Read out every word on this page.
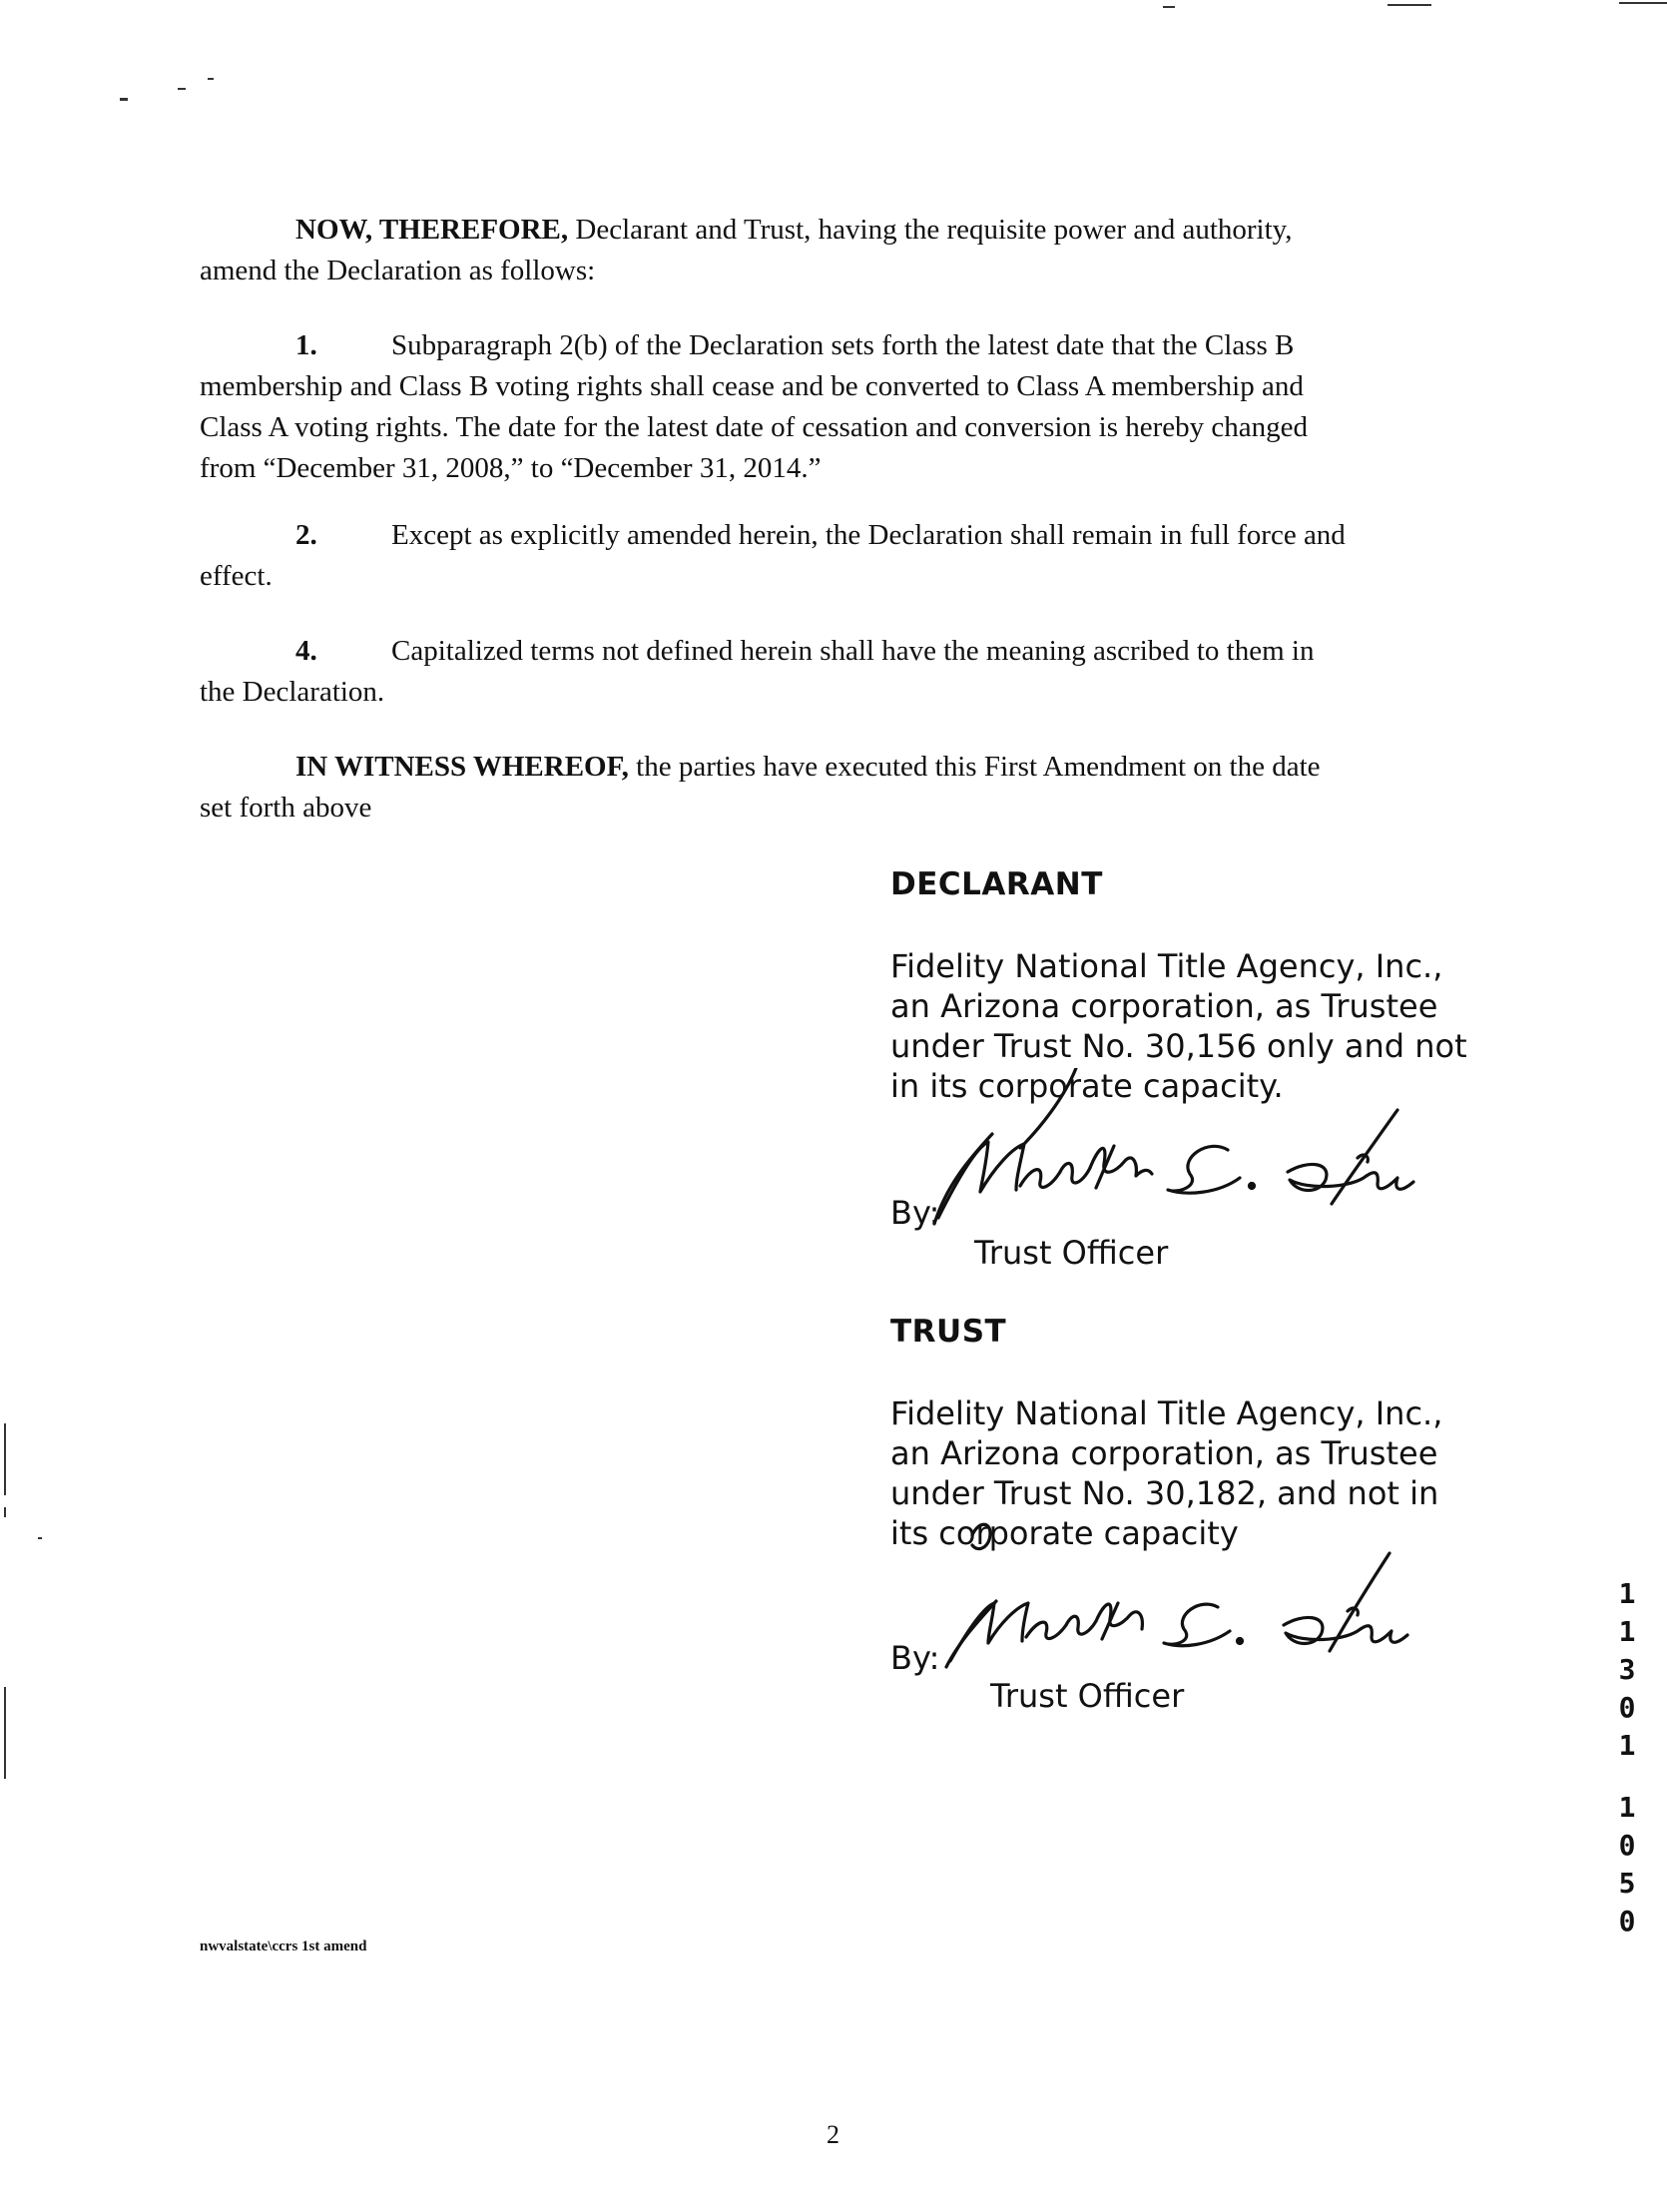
NOW, THEREFORE, Declarant and Trust, having the requisite power and authority,
amend the Declaration as follows:
1.	Subparagraph 2(b) of the Declaration sets forth the latest date that the Class B
membership and Class B voting rights shall cease and be converted to Class A membership and
Class A voting rights. The date for the latest date of cessation and conversion is hereby changed
from “December 31, 2008,” to “December 31, 2014.”
2.	Except as explicitly amended herein, the Declaration shall remain in full force and
effect.
4.	Capitalized terms not defined herein shall have the meaning ascribed to them in
the Declaration.
IN WITNESS WHEREOF, the parties have executed this First Amendment on the date
set forth above
DECLARANT
Fidelity National Title Agency, Inc.,
an Arizona corporation, as Trustee
under Trust No. 30,156 only and not
in its corporate capacity.
By:
Trust Officer
TRUST
Fidelity National Title Agency, Inc.,
an Arizona corporation, as Trustee
under Trust No. 30,182, and not in
its corporate capacity
By:
Trust Officer
1
1
3
0
1
1
0
5
0
nwvalstate\ccrs 1st amend
2
